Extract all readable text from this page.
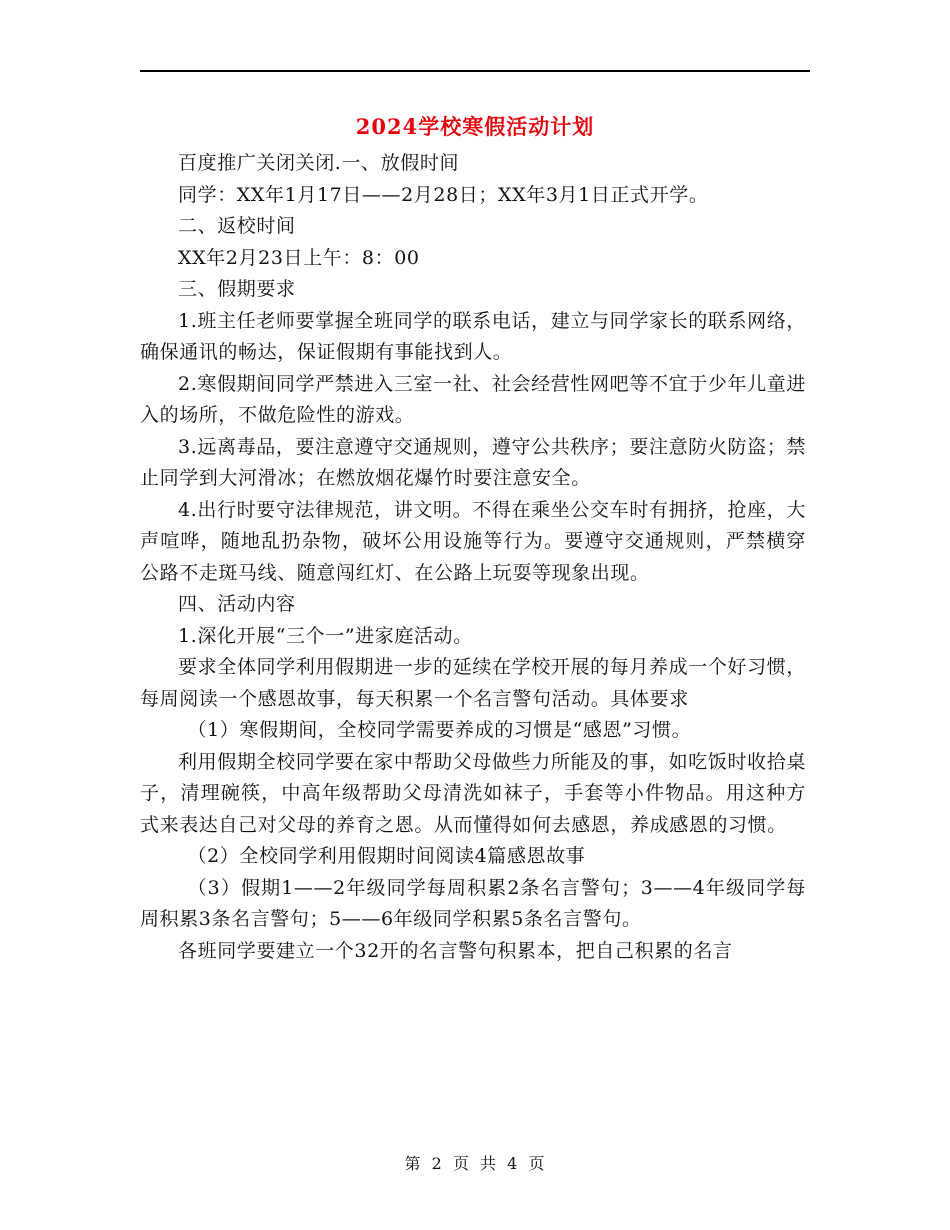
2024学校寒假活动计划

百度推广关闭关闭.一、放假时间

同学：XX年1月17日——2月28日；XX年3月1日正式开学。

二、返校时间

XX年2月23日上午：8：00

三、假期要求

1.班主任老师要掌握全班同学的联系电话，建立与同学家长的联系网络，确保通讯的畅达，保证假期有事能找到人。

2.寒假期间同学严禁进入三室一社、社会经营性网吧等不宜于少年儿童进入的场所，不做危险性的游戏。

3.远离毒品，要注意遵守交通规则，遵守公共秩序；要注意防火防盗；禁止同学到大河滑冰；在燃放烟花爆竹时要注意安全。

4.出行时要守法律规范，讲文明。不得在乘坐公交车时有拥挤，抢座，大声喧哗，随地乱扔杂物，破坏公用设施等行为。要遵守交通规则，严禁横穿公路不走斑马线、随意闯红灯、在公路上玩耍等现象出现。

四、活动内容

1.深化开展“三个一”进家庭活动。

要求全体同学利用假期进一步的延续在学校开展的每月养成一个好习惯，每周阅读一个感恩故事，每天积累一个名言警句活动。具体要求

（1）寒假期间，全校同学需要养成的习惯是“感恩”习惯。

利用假期全校同学要在家中帮助父母做些力所能及的事，如吃饭时收拾桌子，清理碗筷，中高年级帮助父母清洗如袜子，手套等小件物品。用这种方式来表达自己对父母的养育之恩。从而懂得如何去感恩，养成感恩的习惯。

（2）全校同学利用假期时间阅读4篇感恩故事

（3）假期1——2年级同学每周积累2条名言警句；3——4年级同学每周积累3条名言警句；5——6年级同学积累5条名言警句。

各班同学要建立一个32开的名言警句积累本，把自己积累的名言

第 2 页 共 4 页
